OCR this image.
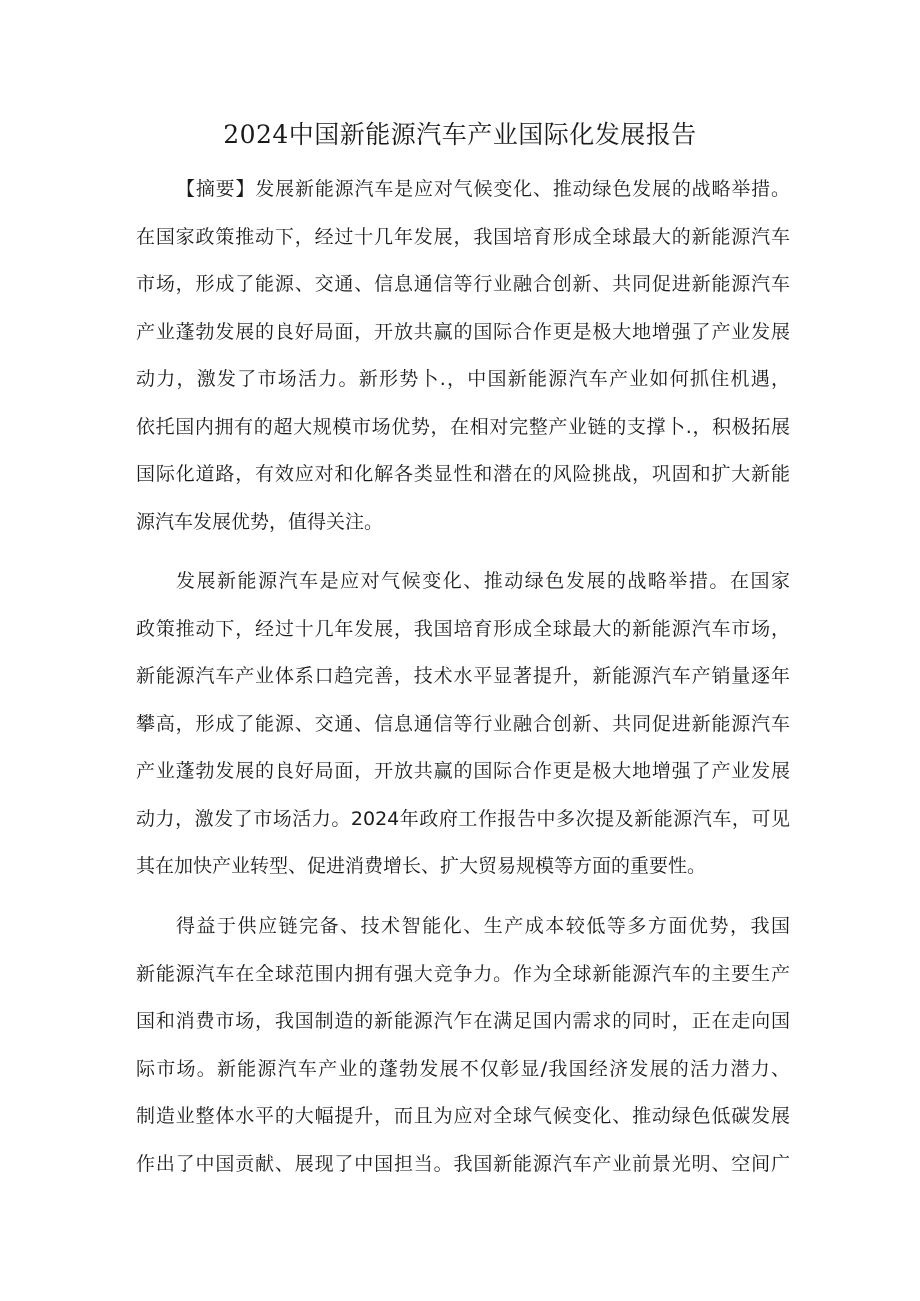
2024中国新能源汽车产业国际化发展报告
【摘要】发展新能源汽车是应对气候变化、推动绿色发展的战略举措。
在国家政策推动下，经过十几年发展，我国培育形成全球最大的新能源汽车
市场，形成了能源、交通、信息通信等行业融合创新、共同促进新能源汽车
产业蓬勃发展的良好局面，开放共赢的国际合作更是极大地增强了产业发展
动力，激发了市场活力。新形势卜.，中国新能源汽车产业如何抓住机遇，
依托国内拥有的超大规模市场优势，在相对完整产业链的支撑卜.，积极拓展
国际化道路，有效应对和化解各类显性和潜在的风险挑战，巩固和扩大新能
源汽车发展优势，值得关注。
发展新能源汽车是应对气候变化、推动绿色发展的战略举措。在国家
政策推动下，经过十几年发展，我国培育形成全球最大的新能源汽车市场，
新能源汽车产业体系口趋完善，技术水平显著提升，新能源汽车产销量逐年
攀高，形成了能源、交通、信息通信等行业融合创新、共同促进新能源汽车
产业蓬勃发展的良好局面，开放共赢的国际合作更是极大地增强了产业发展
动力，激发了市场活力。2024年政府工作报告中多次提及新能源汽车，可见
其在加快产业转型、促进消费增长、扩大贸易规模等方面的重要性。
得益于供应链完备、技术智能化、生产成本较低等多方面优势，我国
新能源汽车在全球范围内拥有强大竞争力。作为全球新能源汽车的主要生产
国和消费市场，我国制造的新能源汽乍在满足国内需求的同时，正在走向国
际市场。新能源汽车产业的蓬勃发展不仅彰显/我国经济发展的活力潜力、
制造业整体水平的大幅提升，而且为应对全球气候变化、推动绿色低碳发展
作出了中国贡献、展现了中国担当。我国新能源汽车产业前景光明、空间广
